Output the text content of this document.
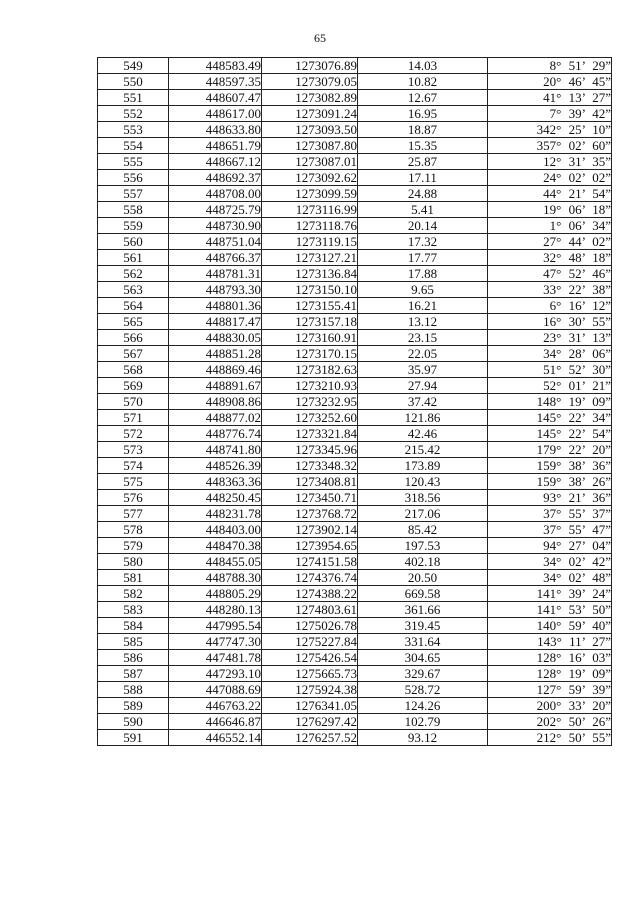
65
549	448583.49	1273076.89	14.03	8° 51’ 29”
550	448597.35	1273079.05	10.82	20° 46’ 45”
551	448607.47	1273082.89	12.67	41° 13’ 27”
552	448617.00	1273091.24	16.95	7° 39’ 42”
553	448633.80	1273093.50	18.87	342° 25’ 10”
554	448651.79	1273087.80	15.35	357° 02’ 60”
555	448667.12	1273087.01	25.87	12° 31’ 35”
556	448692.37	1273092.62	17.11	24° 02’ 02”
557	448708.00	1273099.59	24.88	44° 21’ 54”
558	448725.79	1273116.99	5.41	19° 06’ 18”
559	448730.90	1273118.76	20.14	1° 06’ 34”
560	448751.04	1273119.15	17.32	27° 44’ 02”
561	448766.37	1273127.21	17.77	32° 48’ 18”
562	448781.31	1273136.84	17.88	47° 52’ 46”
563	448793.30	1273150.10	9.65	33° 22’ 38”
564	448801.36	1273155.41	16.21	6° 16’ 12”
565	448817.47	1273157.18	13.12	16° 30’ 55”
566	448830.05	1273160.91	23.15	23° 31’ 13”
567	448851.28	1273170.15	22.05	34° 28’ 06”
568	448869.46	1273182.63	35.97	51° 52’ 30”
569	448891.67	1273210.93	27.94	52° 01’ 21”
570	448908.86	1273232.95	37.42	148° 19’ 09”
571	448877.02	1273252.60	121.86	145° 22’ 34”
572	448776.74	1273321.84	42.46	145° 22’ 54”
573	448741.80	1273345.96	215.42	179° 22’ 20”
574	448526.39	1273348.32	173.89	159° 38’ 36”
575	448363.36	1273408.81	120.43	159° 38’ 26”
576	448250.45	1273450.71	318.56	93° 21’ 36”
577	448231.78	1273768.72	217.06	37° 55’ 37”
578	448403.00	1273902.14	85.42	37° 55’ 47”
579	448470.38	1273954.65	197.53	94° 27’ 04”
580	448455.05	1274151.58	402.18	34° 02’ 42”
581	448788.30	1274376.74	20.50	34° 02’ 48”
582	448805.29	1274388.22	669.58	141° 39’ 24”
583	448280.13	1274803.61	361.66	141° 53’ 50”
584	447995.54	1275026.78	319.45	140° 59’ 40”
585	447747.30	1275227.84	331.64	143° 11’ 27”
586	447481.78	1275426.54	304.65	128° 16’ 03”
587	447293.10	1275665.73	329.67	128° 19’ 09”
588	447088.69	1275924.38	528.72	127° 59’ 39”
589	446763.22	1276341.05	124.26	200° 33’ 20”
590	446646.87	1276297.42	102.79	202° 50’ 26”
591	446552.14	1276257.52	93.12	212° 50’ 55”
